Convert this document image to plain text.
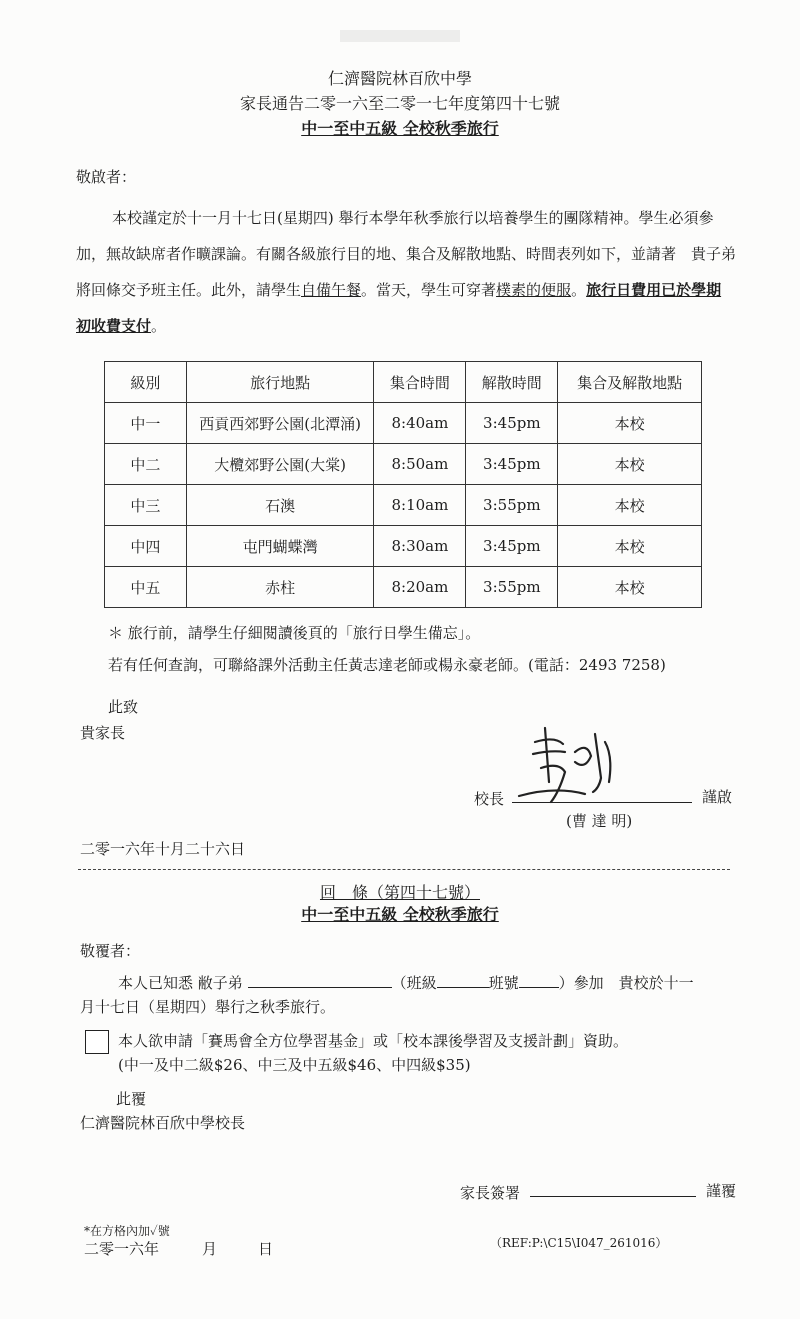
仁濟醫院林百欣中學
家長通告二零一六至二零一七年度第四十七號
中一至中五級 全校秋季旅行
敬啟者：
本校謹定於十一月十七日(星期四) 舉行本學年秋季旅行以培養學生的團隊精神。學生必須參加，無故缺席者作曠課論。有關各級旅行目的地、集合及解散地點、時間表列如下，並請著　貴子弟將回條交予班主任。此外，請學生自備午餐。當天，學生可穿著樸素的便服。旅行日費用已於學期初收費支付。
級別	旅行地點	集合時間	解散時間	集合及解散地點
中一	西貢西郊野公園(北潭涌)	8:40am	3:45pm	本校
中二	大欖郊野公園(大棠)	8:50am	3:45pm	本校
中三	石澳	8:10am	3:55pm	本校
中四	屯門蝴蝶灣	8:30am	3:45pm	本校
中五	赤柱	8:20am	3:55pm	本校
＊ 旅行前，請學生仔細閱讀後頁的「旅行日學生備忘」。
若有任何查詢，可聯絡課外活動主任黃志達老師或楊永豪老師。(電話：2493 7258)
此致
貴家長
校長	謹啟
(曹 達 明)
二零一六年十月二十六日
回　條（第四十七號）
中一至中五級 全校秋季旅行
敬覆者：
本人已知悉 敝子弟	（班級	班號	）參加　貴校於十一
月十七日（星期四）舉行之秋季旅行。
本人欲申請「賽馬會全方位學習基金」或「校本課後學習及支援計劃」資助。
(中一及中二級$26、中三及中五級$46、中四級$35)
此覆
仁濟醫院林百欣中學校長
家長簽署	謹覆
*在方格內加✓號
二零一六年	月	日	（REF:P:\C15\I047_261016）
